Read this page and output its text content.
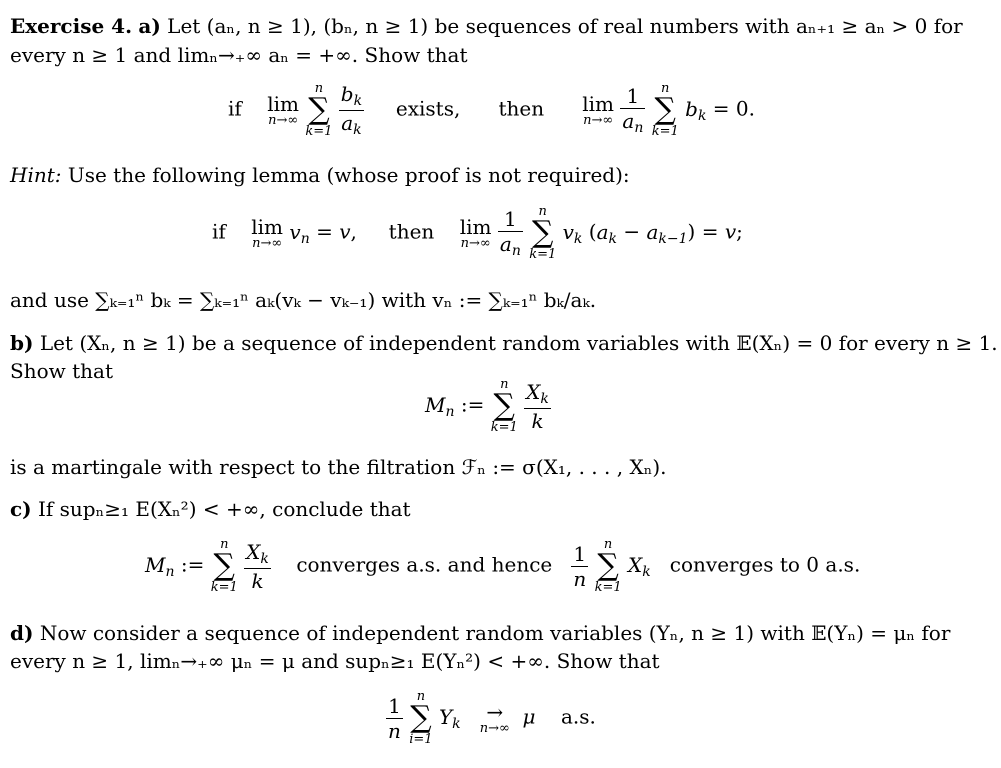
Exercise 4. a) Let (aₙ, n ≥ 1), (bₙ, n ≥ 1) be sequences of real numbers with aₙ₊₁ ≥ aₙ > 0 for
every n ≥ 1 and limₙ→₊∞ aₙ = +∞. Show that
if lim
n→∞

n
∑
k=1
$\frac{b_k}{a_k}$ exists, then lim
n→∞
$\frac{1}{a_n}$
	n
∑
k=1
$b_k = 0$.
Hint: Use the following lemma (whose proof is not required):
if lim
n→∞ $v_n = v$,     then lim
n→∞
$\frac{1}{a_n}$
	n
∑
k=1
$v_k$ $(a_k - a_{k-1}) = v$;
and use ∑ₖ₌₁ⁿ bₖ = ∑ₖ₌₁ⁿ aₖ(vₖ − vₖ₋₁) with vₙ := ∑ₖ₌₁ⁿ bₖ/aₖ.
b) Let (Xₙ, n ≥ 1) be a sequence of independent random variables with 𝔼(Xₙ) = 0 for every n ≥ 1.
Show that
$M_n$ :=
n
∑
k=1
$\frac{X_k}{k}$
is a martingale with respect to the filtration ℱₙ := σ(X₁, . . . , Xₙ).
c) If supₙ≥₁ E(Xₙ²) < +∞, conclude that
$M_n$ :=
n
∑
k=1
$\frac{X_k}{k}$ converges a.s. and hence $\frac{1}{n}$
	n
∑
k=1
$X_k$ converges to 0 a.s.
d) Now consider a sequence of independent random variables (Yₙ, n ≥ 1) with 𝔼(Yₙ) = μₙ for
every n ≥ 1, limₙ→₊∞ μₙ = μ and supₙ≥₁ E(Yₙ²) < +∞. Show that
$\frac{1}{n}$
	n
∑
i=1
$Y_k$	→
n→∞ μ a.s.
